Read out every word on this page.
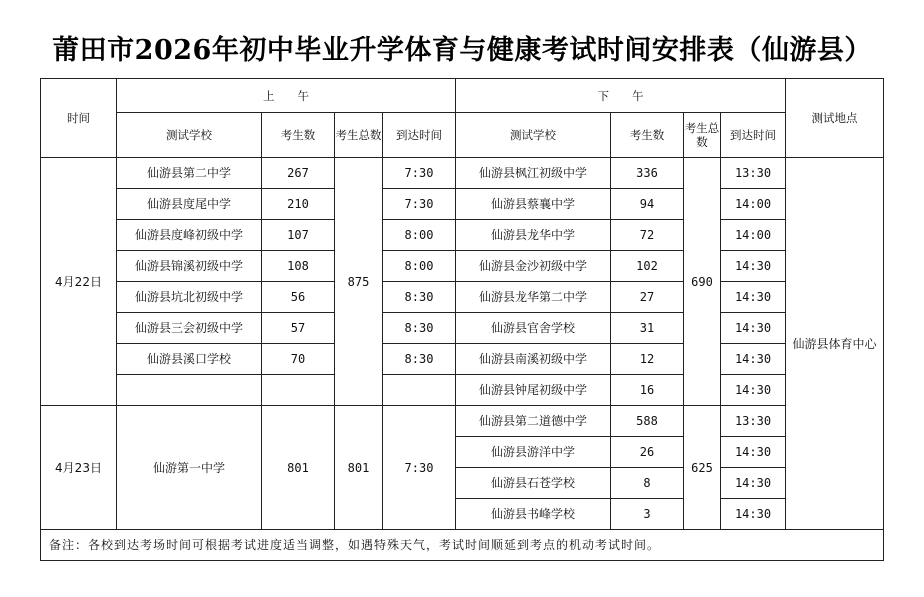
莆田市2026年初中毕业升学体育与健康考试时间安排表（仙游县）
时间	上　　午				下　　午				测试地点
	测试学校	考生数	考生总数	到达时间	测试学校	考生数	考生总数	到达时间	
4月22日	仙游县第二中学	267	875	7:30	仙游县枫江初级中学	336	690	13:30	仙游县体育中心
	仙游县度尾中学	210		7:30	仙游县蔡襄中学	94		14:00	
	仙游县度峰初级中学	107		8:00	仙游县龙华中学	72		14:00	
	仙游县锦溪初级中学	108		8:00	仙游县金沙初级中学	102		14:30	
	仙游县坑北初级中学	56		8:30	仙游县龙华第二中学	27		14:30	
	仙游县三会初级中学	57		8:30	仙游县官舍学校	31		14:30	
	仙游县溪口学校	70		8:30	仙游县南溪初级中学	12		14:30	
					仙游县钟尾初级中学	16		14:30	
4月23日	仙游第一中学	801	801	7:30	仙游县第二道德中学	588	625	13:30	
					仙游县游洋中学	26		14:30	
					仙游县石苍学校	8		14:30	
					仙游县书峰学校	3		14:30	
备注：各校到达考场时间可根据考试进度适当调整，如遇特殊天气，考试时间顺延到考点的机动考试时间。									
